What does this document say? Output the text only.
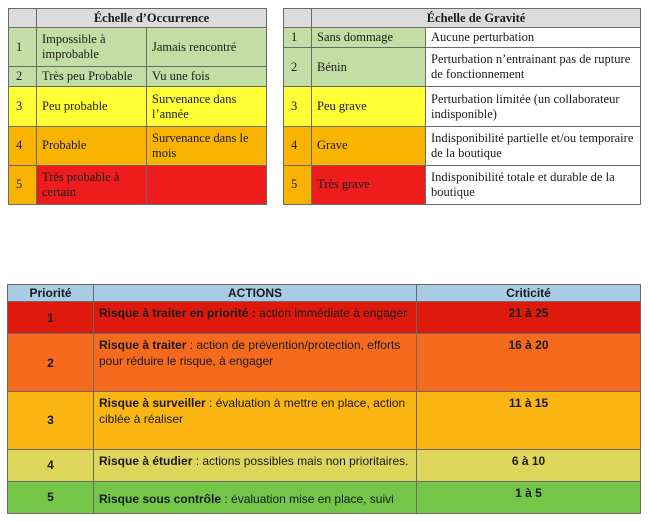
	Échelle d’Occurrence	
1	Impossible à improbable	Jamais rencontré
2	Très peu Probable	Vu une fois
3	Peu probable	Survenance dans l’année
4	Probable	Survenance dans le mois
5	Très probable à certain	
	Échelle de Gravité	
1	Sans dommage	Aucune perturbation
2	Bénin	Perturbation n’entrainant pas de rupture de fonctionnement
3	Peu grave	Perturbation limitée (un collaborateur indisponible)
4	Grave	Indisponibilité partielle et/ou temporaire de la boutique
5	Très grave	Indisponibilité totale et durable de la boutique
Priorité	ACTIONS	Criticité
1	Risque à traiter en priorité : action immédiate à engager	21 à 25
2	Risque à traiter : action de prévention/protection, efforts pour réduire le risque, à engager	16 à 20
3	Risque à surveiller : évaluation à mettre en place, action ciblée à réaliser	11 à 15
4	Risque à étudier : actions possibles mais non prioritaires.	6 à 10
5	Risque sous contrôle : évaluation mise en place, suivi	1 à 5
